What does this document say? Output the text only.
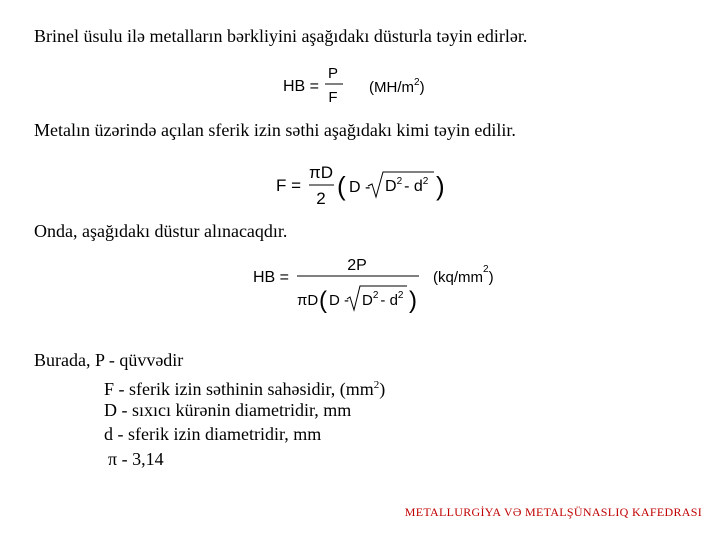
Brinel üsulu ilə metalların bərkliyini aşağıdakı düsturla təyin edirlər.
HB =
P
F
$(MH/m^2)$
Metalın üzərində açılan sferik izin səthi aşağıdakı kimi təyin edilir.
F =
πD
2 ( D - $D^2 - d^2$ )
Onda, aşağıdakı düstur alınacaqdır.
HB =
2P
πD ( D - $D^2 - d^2$ )
$(kq/mm^2)$
Burada, P - qüvvədir
F - sferik izin səthinin sahəsidir, $(mm^2)$
D - sıxıcı kürənin diametridir, mm
d - sferik izin diametridir, mm
π - 3,14
METALLURGİYA VƏ METALŞÜNASLIQ KAFEDRASI
